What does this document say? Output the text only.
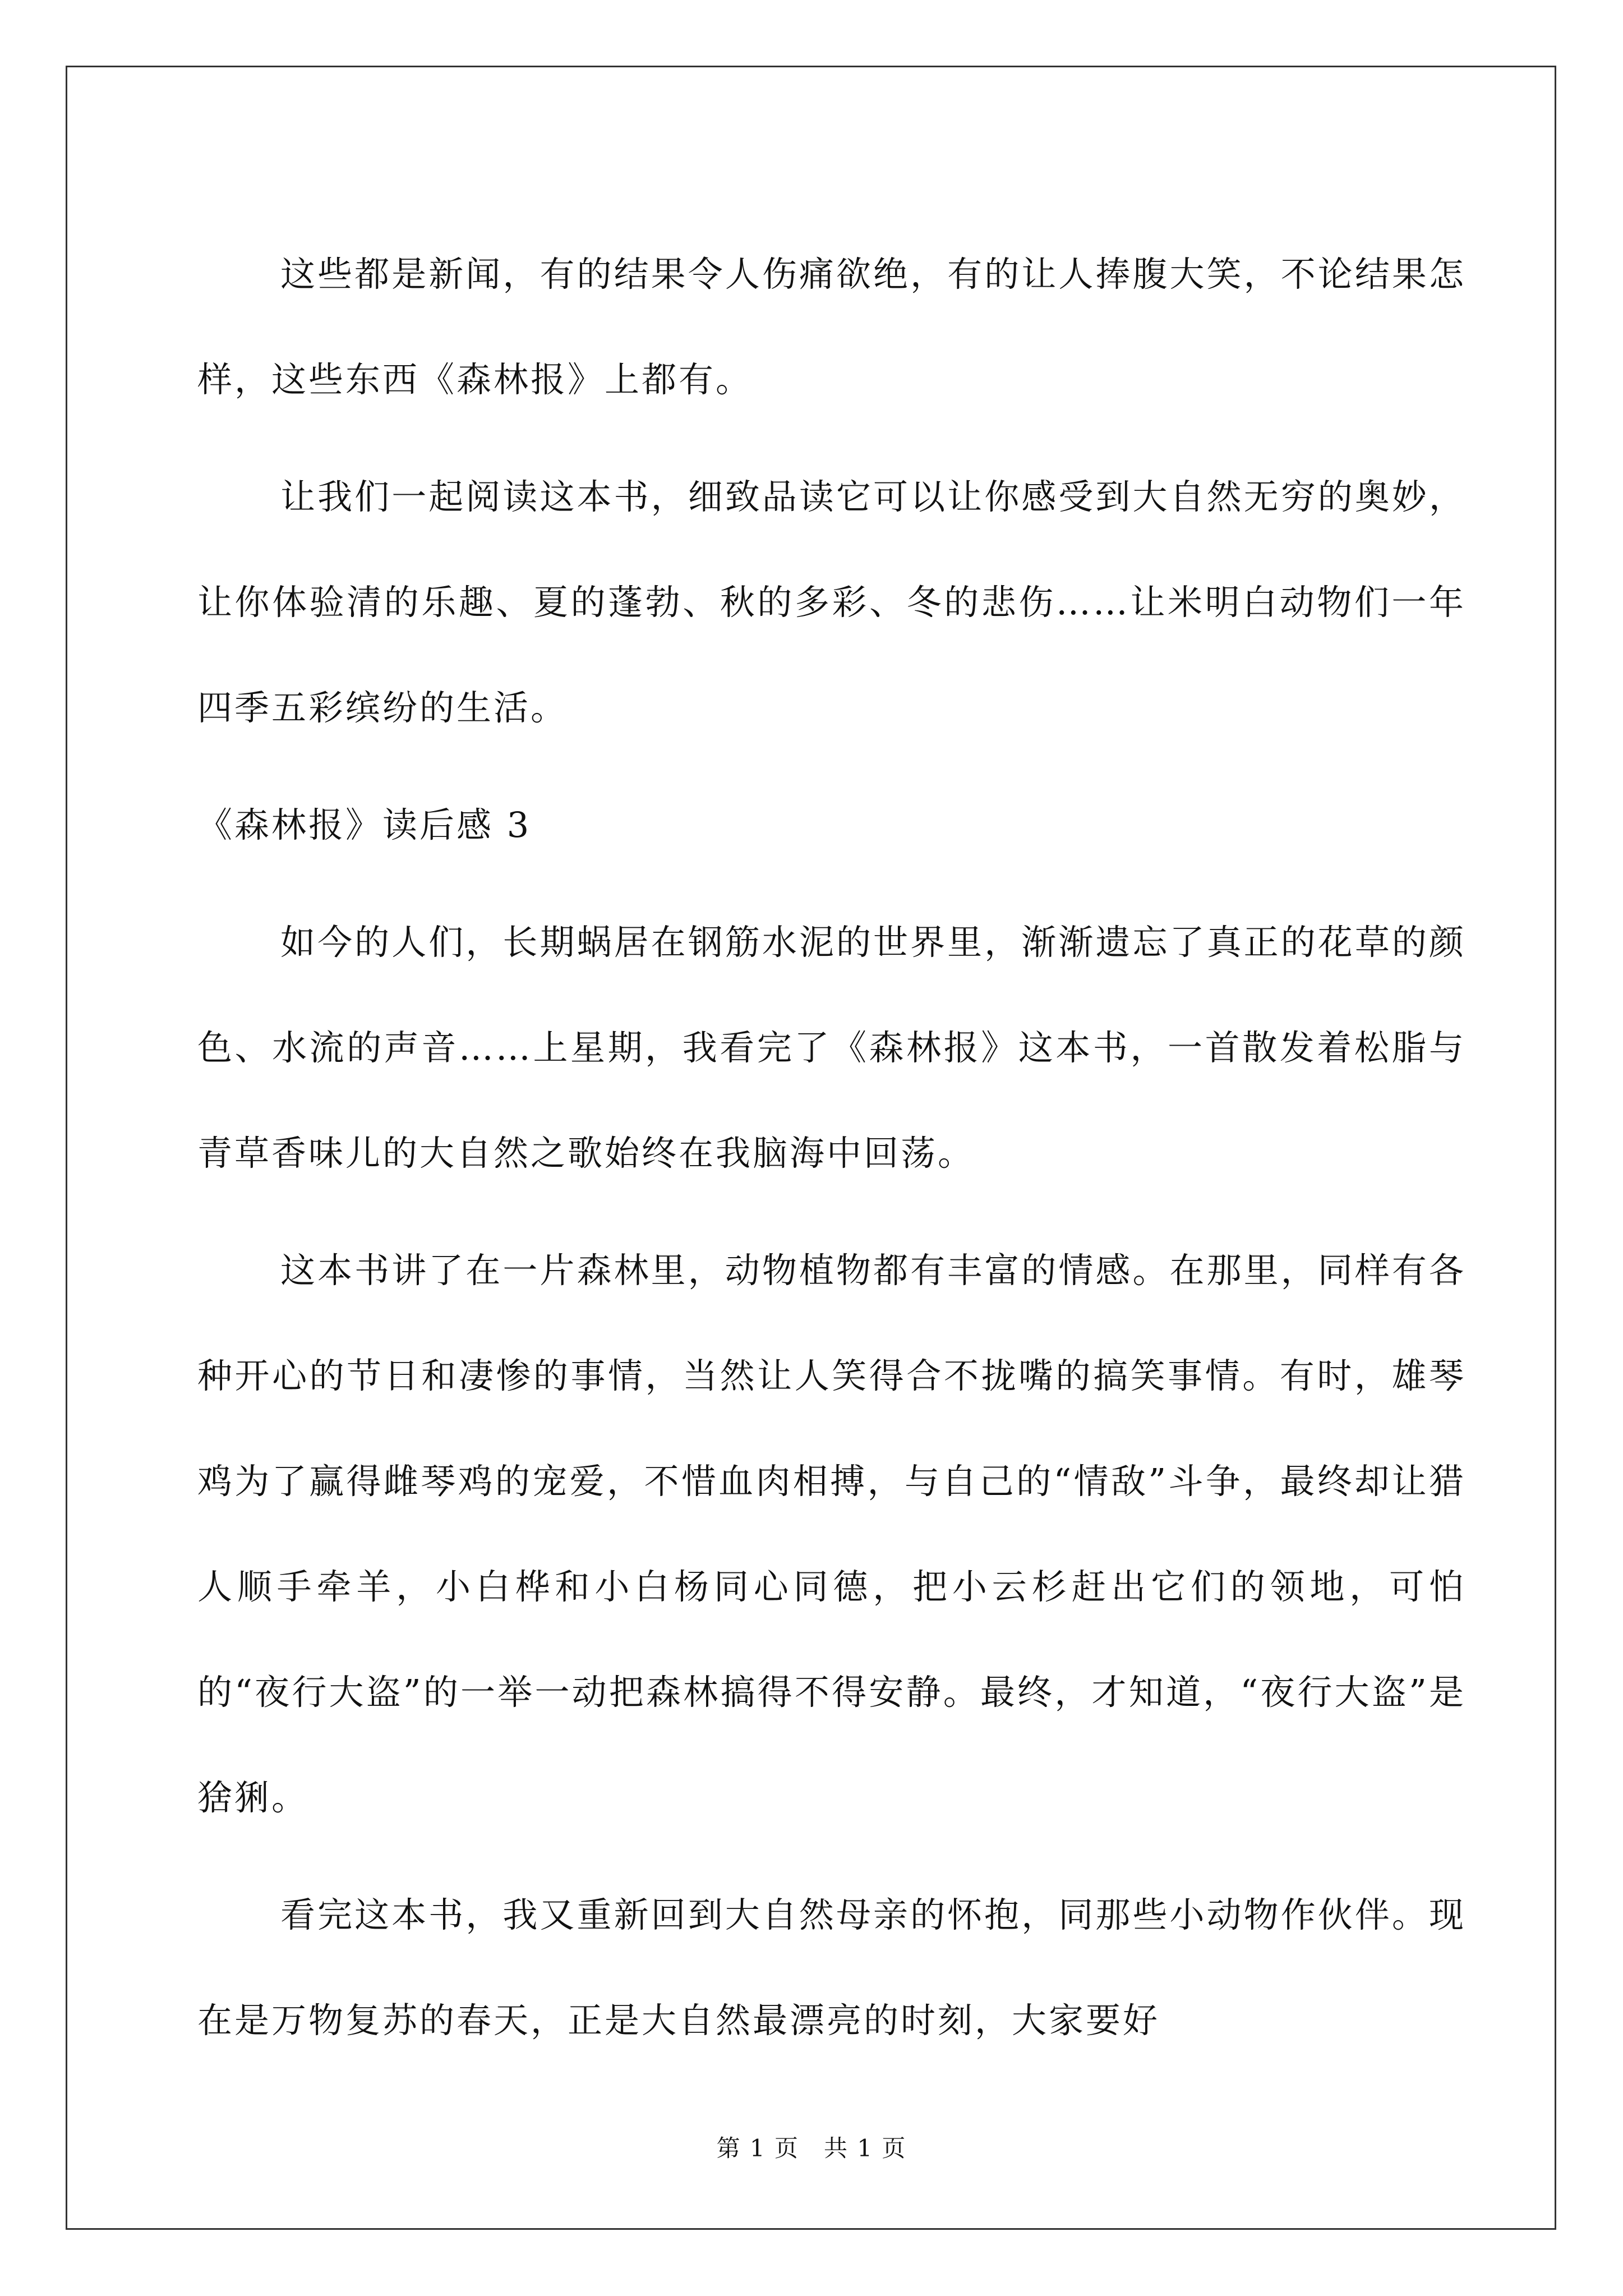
这些都是新闻，有的结果令人伤痛欲绝，有的让人捧腹大笑，不论结果怎样，这些东西《森林报》上都有。

让我们一起阅读这本书，细致品读它可以让你感受到大自然无穷的奥妙，让你体验清的乐趣、夏的蓬勃、秋的多彩、冬的悲伤……让米明白动物们一年四季五彩缤纷的生活。

《森林报》读后感 3

如今的人们，长期蜗居在钢筋水泥的世界里，渐渐遗忘了真正的花草的颜色、水流的声音……上星期，我看完了《森林报》这本书，一首散发着松脂与青草香味儿的大自然之歌始终在我脑海中回荡。

这本书讲了在一片森林里，动物植物都有丰富的情感。在那里，同样有各种开心的节日和凄惨的事情，当然让人笑得合不拢嘴的搞笑事情。有时，雄琴鸡为了赢得雌琴鸡的宠爱，不惜血肉相搏，与自己的“情敌”斗争，最终却让猎人顺手牵羊，小白桦和小白杨同心同德，把小云杉赶出它们的领地，可怕的“夜行大盗”的一举一动把森林搞得不得安静。最终，才知道，“夜行大盗”是猞猁。

看完这本书，我又重新回到大自然母亲的怀抱，同那些小动物作伙伴。现在是万物复苏的春天，正是大自然最漂亮的时刻，大家要好

第 1 页　共 1 页
